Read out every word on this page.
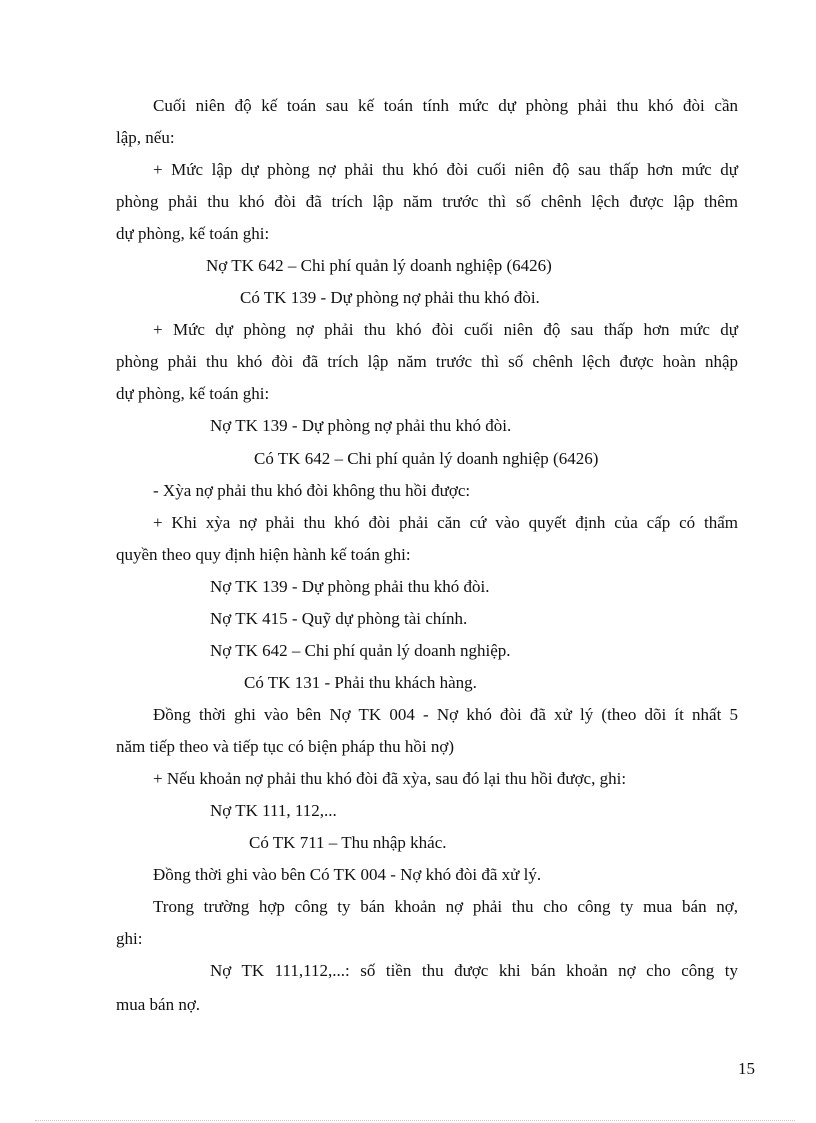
Cuối niên độ kế toán sau kế toán tính mức dự phòng phải thu khó đòi cần
lập, nếu:
+ Mức lập dự phòng nợ phải thu khó đòi cuối niên độ sau thấp hơn mức dự
phòng phải thu khó đòi đã trích lập năm trước thì số chênh lệch được lập thêm
dự phòng, kế toán ghi:
Nợ TK 642 – Chi phí quản lý doanh nghiệp (6426)
Có TK 139 - Dự phòng nợ phải thu khó đòi.
+ Mức dự phòng nợ phải thu khó đòi cuối niên độ sau thấp hơn mức dự
phòng phải thu khó đòi đã trích lập năm trước thì số chênh lệch được hoàn nhập
dự phòng, kế toán ghi:
Nợ TK 139 - Dự phòng nợ phải thu khó đòi.
Có TK 642 – Chi phí quản lý doanh nghiệp (6426)
- Xỳa nợ phải thu khó đòi không thu hồi được:
+ Khi xỳa nợ phải thu khó đòi phải căn cứ vào quyết định của cấp có thẩm
quyền theo quy định hiện hành kế toán ghi:
Nợ TK 139 - Dự phòng phải thu khó đòi.
Nợ TK 415 - Quỹ dự phòng tài chính.
Nợ TK 642 – Chi phí quản lý doanh nghiệp.
Có TK 131 - Phải thu khách hàng.
Đồng thời ghi vào bên Nợ TK 004 - Nợ khó đòi đã xử lý (theo dõi ít nhất 5
năm tiếp theo và tiếp tục có biện pháp thu hồi nợ)
+ Nếu khoản nợ phải thu khó đòi đã xỳa, sau đó lại thu hồi được, ghi:
Nợ TK 111, 112,...
Có TK 711 – Thu nhập khác.
Đồng thời ghi vào bên Có TK 004 - Nợ khó đòi đã xử lý.
Trong trường hợp công ty bán khoản nợ phải thu cho công ty mua bán nợ,
ghi:
Nợ TK 111,112,...: số tiền thu được khi bán khoản nợ cho công ty
mua bán nợ.
15
